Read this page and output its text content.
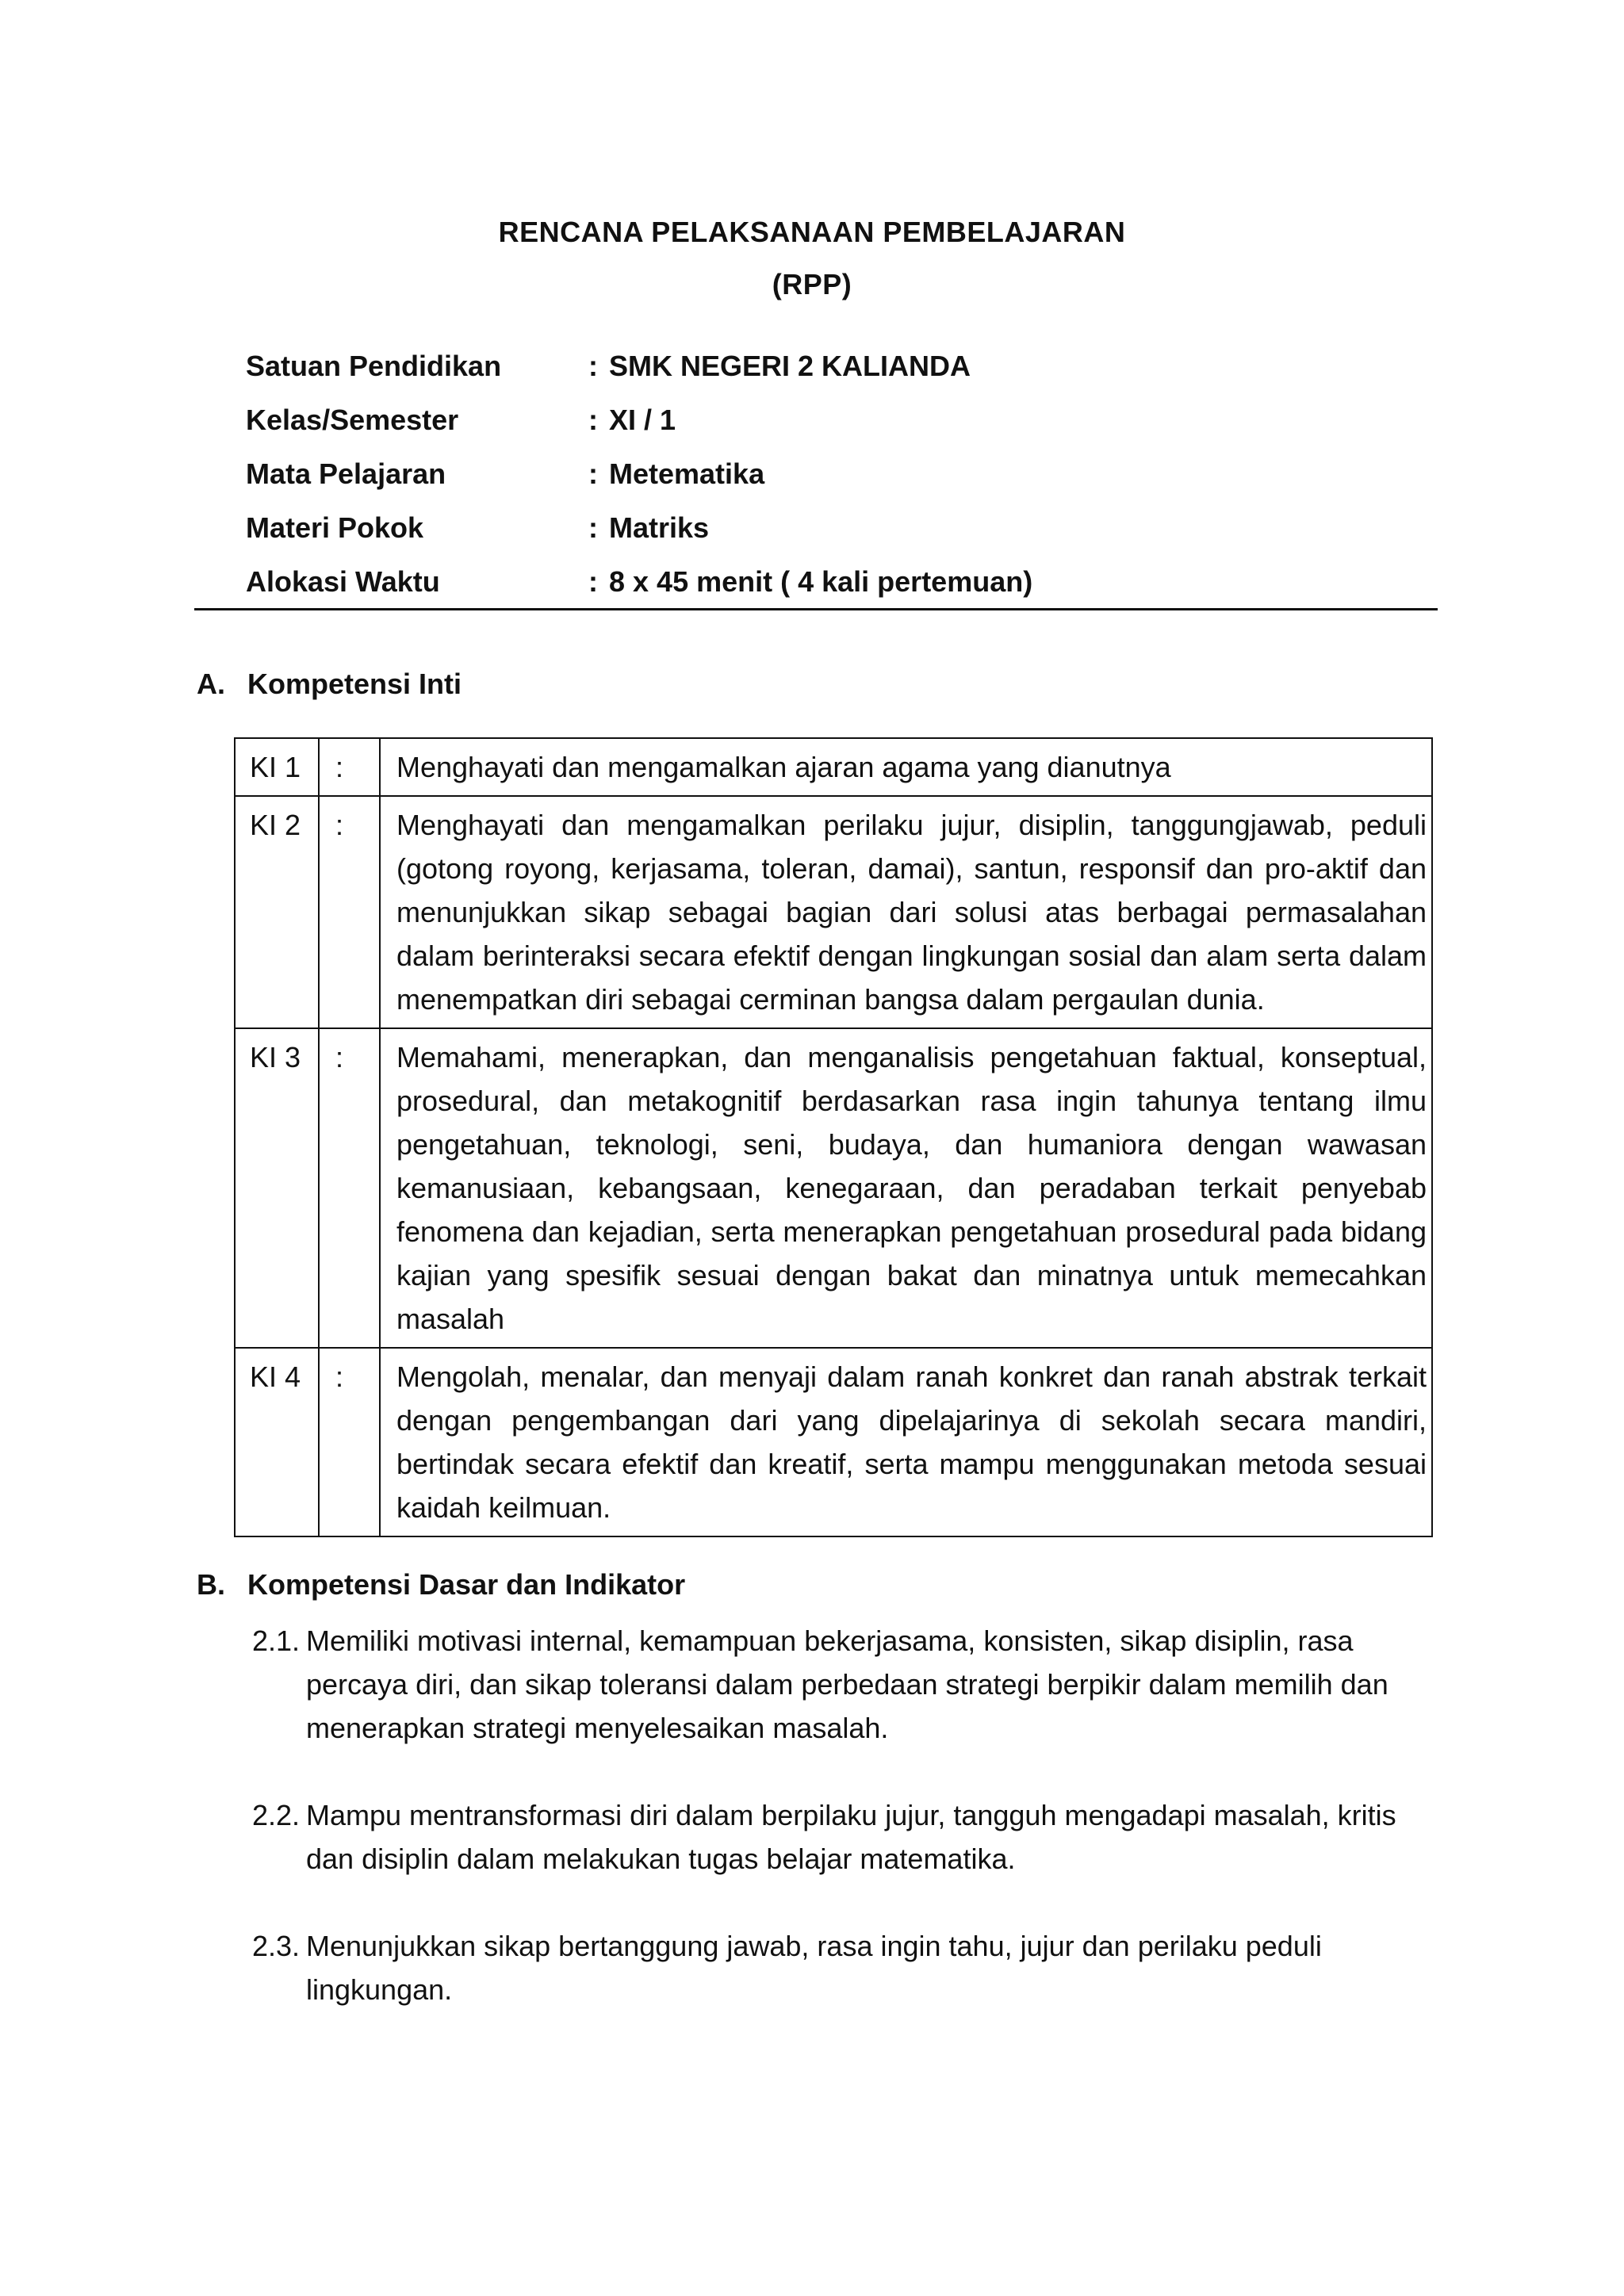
RENCANA PELAKSANAAN PEMBELAJARAN
(RPP)
Satuan Pendidikan	: SMK NEGERI 2 KALIANDA
Kelas/Semester	: XI / 1
Mata Pelajaran	: Metematika
Materi Pokok	: Matriks
Alokasi Waktu	: 8 x 45 menit ( 4 kali pertemuan)
A. Kompetensi Inti
KI 1	:	Menghayati dan mengamalkan ajaran agama yang dianutnya
KI 2	:	Menghayati dan mengamalkan perilaku jujur, disiplin, tanggungjawab, peduli (gotong royong, kerjasama, toleran, damai), santun, responsif dan pro-aktif dan menunjukkan sikap sebagai bagian dari solusi atas berbagai permasalahan dalam berinteraksi secara efektif dengan lingkungan sosial dan alam serta dalam menempatkan diri sebagai cerminan bangsa dalam pergaulan dunia.
KI 3	:	Memahami, menerapkan, dan menganalisis pengetahuan faktual, konseptual, prosedural, dan metakognitif berdasarkan rasa ingin tahunya tentang ilmu pengetahuan, teknologi, seni, budaya, dan humaniora dengan wawasan kemanusiaan, kebangsaan, kenegaraan, dan peradaban terkait penyebab fenomena dan kejadian, serta menerapkan pengetahuan prosedural pada bidang kajian yang spesifik sesuai dengan bakat dan minatnya untuk memecahkan masalah
KI 4	:	Mengolah, menalar, dan menyaji dalam ranah konkret dan ranah abstrak terkait dengan pengembangan dari yang dipelajarinya di sekolah secara mandiri, bertindak secara efektif dan kreatif, serta mampu menggunakan metoda sesuai kaidah keilmuan.
B. Kompetensi Dasar dan Indikator
2.1. Memiliki motivasi internal, kemampuan bekerjasama, konsisten, sikap disiplin, rasa percaya diri, dan sikap toleransi dalam perbedaan strategi berpikir dalam memilih dan menerapkan strategi menyelesaikan masalah.
2.2. Mampu mentransformasi diri dalam berpilaku jujur, tangguh mengadapi masalah, kritis dan disiplin dalam melakukan tugas belajar matematika.
2.3. Menunjukkan sikap bertanggung jawab, rasa ingin tahu, jujur dan perilaku peduli lingkungan.
